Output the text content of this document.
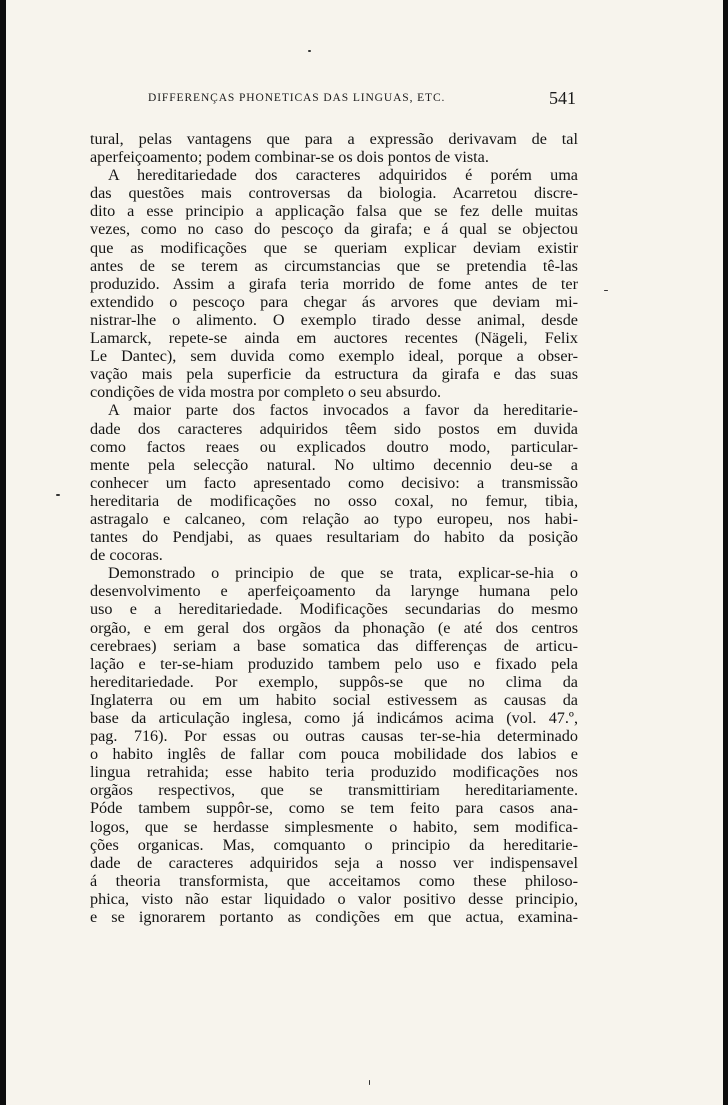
DIFFERENÇAS PHONETICAS DAS LINGUAS, ETC.	541
tural, pelas vantagens que para a expressão derivavam de tal
aperfeiçoamento; podem combinar-se os dois pontos de vista.
A hereditariedade dos caracteres adquiridos é porém uma
das questões mais controversas da biologia. Acarretou discre-
dito a esse principio a applicação falsa que se fez delle muitas
vezes, como no caso do pescoço da girafa; e á qual se objectou
que as modificações que se queriam explicar deviam existir
antes de se terem as circumstancias que se pretendia tê-las
produzido. Assim a girafa teria morrido de fome antes de ter
extendido o pescoço para chegar ás arvores que deviam mi-
nistrar-lhe o alimento. O exemplo tirado desse animal, desde
Lamarck, repete-se ainda em auctores recentes (Nägeli, Felix
Le Dantec), sem duvida como exemplo ideal, porque a obser-
vação mais pela superficie da estructura da girafa e das suas
condições de vida mostra por completo o seu absurdo.
A maior parte dos factos invocados a favor da hereditarie-
dade dos caracteres adquiridos têem sido postos em duvida
como factos reaes ou explicados doutro modo, particular-
mente pela selecção natural. No ultimo decennio deu-se a
conhecer um facto apresentado como decisivo: a transmissão
hereditaria de modificações no osso coxal, no femur, tibia,
astragalo e calcaneo, com relação ao typo europeu, nos habi-
tantes do Pendjabi, as quaes resultariam do habito da posição
de cocoras.
Demonstrado o principio de que se trata, explicar-se-hia o
desenvolvimento e aperfeiçoamento da larynge humana pelo
uso e a hereditariedade. Modificações secundarias do mesmo
orgão, e em geral dos orgãos da phonação (e até dos centros
cerebraes) seriam a base somatica das differenças de articu-
lação e ter-se-hiam produzido tambem pelo uso e fixado pela
hereditariedade. Por exemplo, suppôs-se que no clima da
Inglaterra ou em um habito social estivessem as causas da
base da articulação inglesa, como já indicámos acima (vol. 47.º,
pag. 716). Por essas ou outras causas ter-se-hia determinado
o habito inglês de fallar com pouca mobilidade dos labios e
lingua retrahida; esse habito teria produzido modificações nos
orgãos respectivos, que se transmittiriam hereditariamente.
Póde tambem suppôr-se, como se tem feito para casos ana-
logos, que se herdasse simplesmente o habito, sem modifica-
ções organicas. Mas, comquanto o principio da hereditarie-
dade de caracteres adquiridos seja a nosso ver indispensavel
á theoria transformista, que acceitamos como these philoso-
phica, visto não estar liquidado o valor positivo desse principio,
e se ignorarem portanto as condições em que actua, examina-
